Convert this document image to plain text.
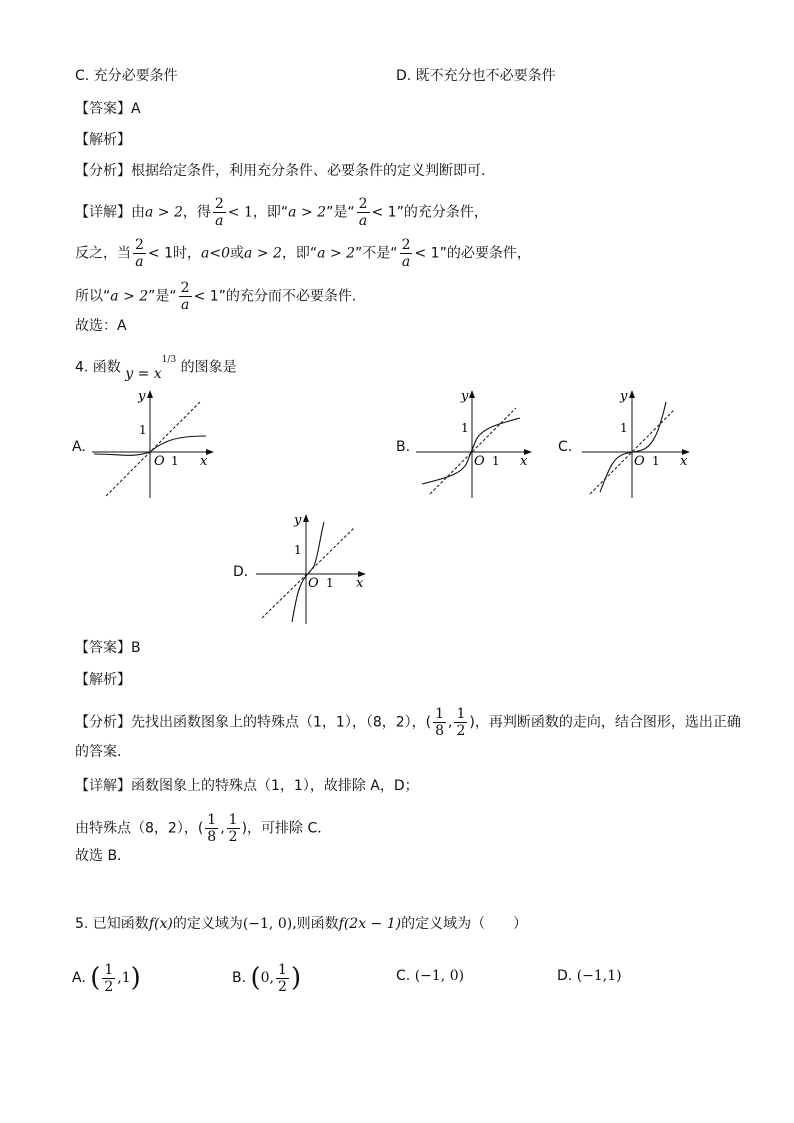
C. 充分必要条件	D. 既不充分也不必要条件
【答案】A
【解析】
【分析】根据给定条件，利用充分条件、必要条件的定义判断即可.
【详解】由a > 2，得 $\frac{2}{a} < 1$，即“a > 2”是“ $\frac{2}{a} < 1$”的充分条件，
反之，当 $\frac{2}{a} < 1$时，a<0或a > 2，即“a > 2”不是“ $\frac{2}{a} < 1$”的必要条件，
所以“a > 2”是“ $\frac{2}{a} < 1$”的充分而不必要条件.
故选：A
4. 函数 $y = x^{1/3}$ 的图象是
A.	B.	C.
D.
1
O 1 x
y
1
O 1 x
y
1
O 1 x
y
1
O 1 x
y
【答案】B
【解析】
【分析】先找出函数图象上的特殊点（1，1），（8，2），( $\frac{1}{8}$ , $\frac{1}{2}$ )，再判断函数的走向，结合图形，选出正确
的答案．
【详解】函数图象上的特殊点（1，1），故排除 A，D；
由特殊点（8，2），( $\frac{1}{8}$ , $\frac{1}{2}$ )，可排除 C．
故选 B．
5. 已知函数f(x)的定义域为(−1, 0),则函数f(2x − 1)的定义域为（　　）
A. ( $\frac{1}{2} ,1$)	B. (0, $\frac{1}{2}$ )	C. (−1, 0)	D. (−1,1)
